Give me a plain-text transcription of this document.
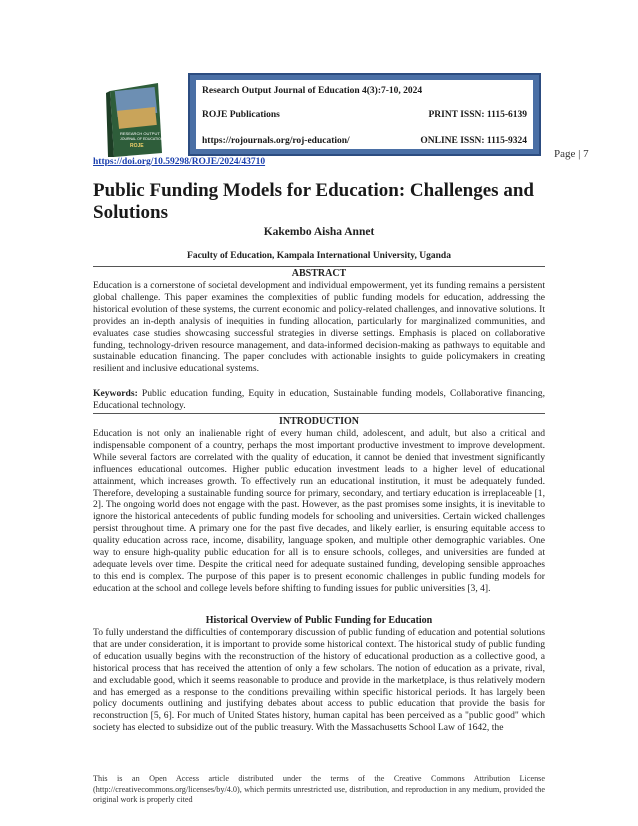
RESEARCH OUTPUT
JOURNAL OF EDUCATION
ROJE
Research Output Journal of Education 4(3):7-10, 2024
ROJE Publications	PRINT ISSN: 1115-6139
https://rojournals.org/roj-education/	ONLINE ISSN: 1115-9324
Page | 7
https://doi.org/10.59298/ROJE/2024/43710
Public Funding Models for Education: Challenges and Solutions
Kakembo Aisha Annet
Faculty of Education, Kampala International University, Uganda
ABSTRACT
Education is a cornerstone of societal development and individual empowerment, yet its funding remains a persistent global challenge. This paper examines the complexities of public funding models for education, addressing the historical evolution of these systems, the current economic and policy-related challenges, and innovative solutions. It provides an in-depth analysis of inequities in funding allocation, particularly for marginalized communities, and evaluates case studies showcasing successful strategies in diverse settings. Emphasis is placed on collaborative funding, technology-driven resource management, and data-informed decision-making as pathways to equitable and sustainable education financing. The paper concludes with actionable insights to guide policymakers in creating resilient and inclusive educational systems.
Keywords: Public education funding, Equity in education, Sustainable funding models, Collaborative financing, Educational technology.
INTRODUCTION
Education is not only an inalienable right of every human child, adolescent, and adult, but also a critical and indispensable component of a country, perhaps the most important productive investment to improve development. While several factors are correlated with the quality of education, it cannot be denied that investment significantly influences educational outcomes. Higher public education investment leads to a higher level of educational attainment, which increases growth. To effectively run an educational institution, it must be adequately funded. Therefore, developing a sustainable funding source for primary, secondary, and tertiary education is irreplaceable [1, 2]. The ongoing world does not engage with the past. However, as the past promises some insights, it is inevitable to ignore the historical antecedents of public funding models for schooling and universities. Certain wicked challenges persist throughout time. A primary one for the past five decades, and likely earlier, is ensuring equitable access to quality education across race, income, disability, language spoken, and multiple other demographic variables. One way to ensure high-quality public education for all is to ensure schools, colleges, and universities are funded at adequate levels over time. Despite the critical need for adequate sustained funding, developing sensible approaches to this end is complex. The purpose of this paper is to present economic challenges in public funding models for education at the school and college levels before shifting to funding issues for public universities [3, 4].
Historical Overview of Public Funding for Education
To fully understand the difficulties of contemporary discussion of public funding of education and potential solutions that are under consideration, it is important to provide some historical context. The historical study of public funding of education usually begins with the reconstruction of the history of educational production as a collective good, a historical process that has received the attention of only a few scholars. The notion of education as a private, rival, and excludable good, which it seems reasonable to produce and provide in the marketplace, is thus relatively modern and has emerged as a response to the conditions prevailing within specific historical periods. It has largely been policy documents outlining and justifying debates about access to public education that provide the basis for reconstruction [5, 6]. For much of United States history, human capital has been perceived as a "public good" which society has elected to subsidize out of the public treasury. With the Massachusetts School Law of 1642, the
This is an Open Access article distributed under the terms of the Creative Commons Attribution License (http://creativecommons.org/licenses/by/4.0), which permits unrestricted use, distribution, and reproduction in any medium, provided the original work is properly cited
